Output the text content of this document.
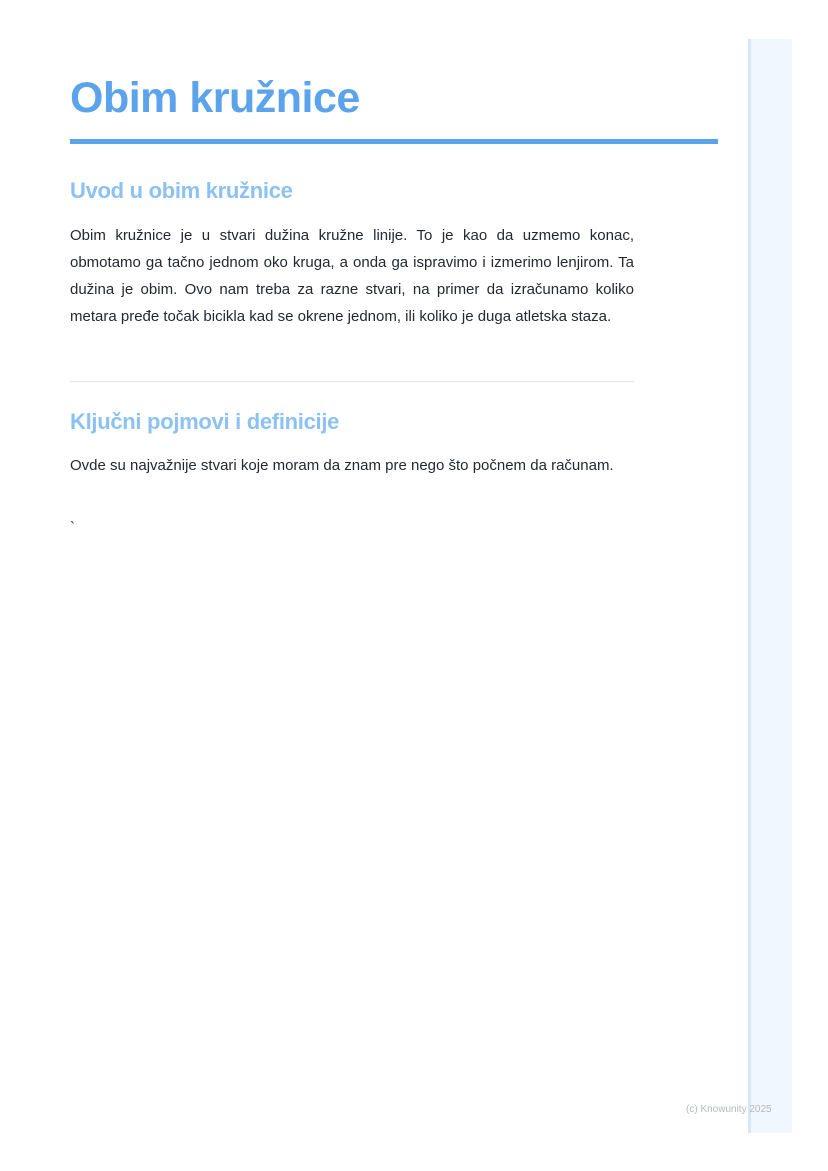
Obim kružnice
Uvod u obim kružnice

Obim kružnice je u stvari dužina kružne linije. To je kao da uzmemo konac, obmotamo ga tačno jednom oko kruga, a onda ga ispravimo i izmerimo lenjirom. Ta dužina je obim. Ovo nam treba za razne stvari, na primer da izračunamo koliko metara pređe točak bicikla kad se okrene jednom, ili koliko je duga atletska staza.

Ključni pojmovi i definicije

Ovde su najvažnije stvari koje moram da znam pre nego što počnem da računam.

`
(c) Knowunity 2025
